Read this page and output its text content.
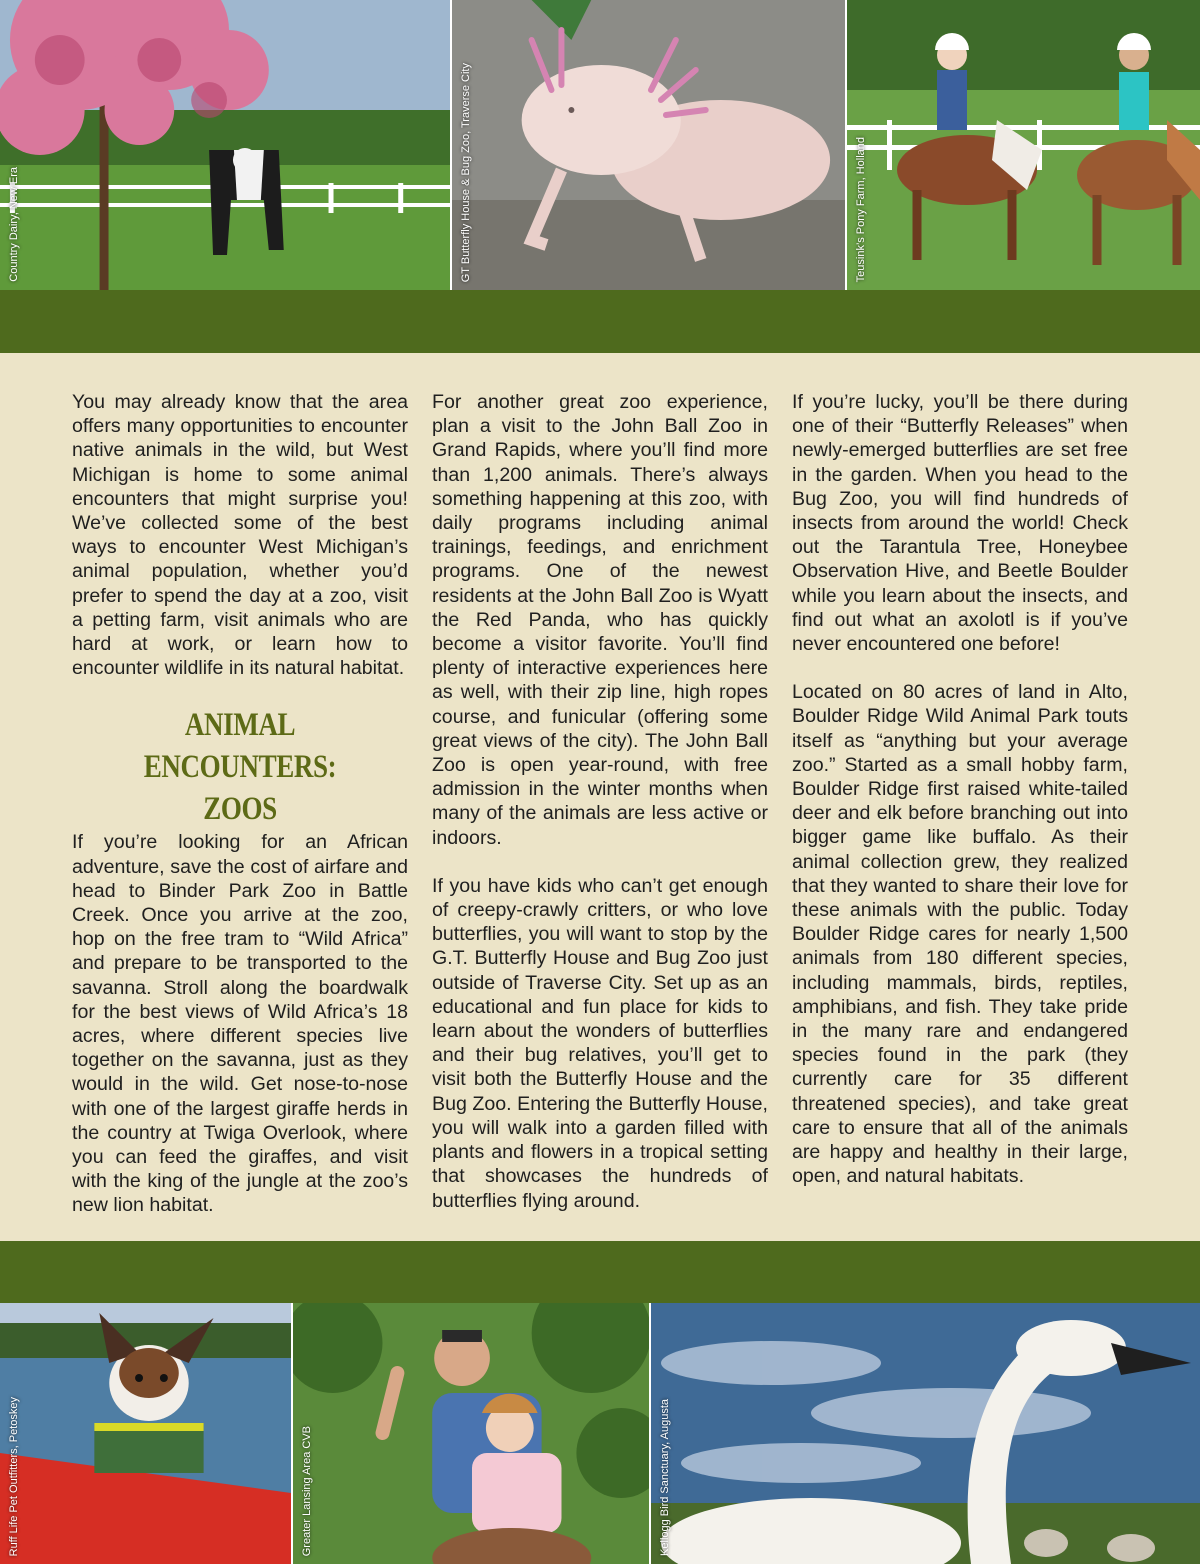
Country Dairy, New Era	GT Butterfly House & Bug Zoo, Traverse City	Teusink’s Pony Farm, Holland

You may already know that the area offers many opportunities to encounter native animals in the wild, but West Michigan is home to some animal encounters that might surprise you! We’ve collected some of the best ways to encounter West Michigan’s animal population, whether you’d prefer to spend the day at a zoo, visit a petting farm, visit animals who are hard at work, or learn how to encounter wildlife in its natural habitat.

ANIMAL ENCOUNTERS:
ZOOS

If you’re looking for an African adventure, save the cost of airfare and head to Binder Park Zoo in Battle Creek. Once you arrive at the zoo, hop on the free tram to “Wild Africa” and prepare to be transported to the savanna. Stroll along the boardwalk for the best views of Wild Africa’s 18 acres, where different species live together on the savanna, just as they would in the wild. Get nose-to-nose with one of the largest giraffe herds in the country at Twiga Overlook, where you can feed the giraffes, and visit with the king of the jungle at the zoo’s new lion habitat.

For another great zoo experience, plan a visit to the John Ball Zoo in Grand Rapids, where you’ll find more than 1,200 animals. There’s always something happening at this zoo, with daily programs including animal trainings, feedings, and enrichment programs. One of the newest residents at the John Ball Zoo is Wyatt the Red Panda, who has quickly become a visitor favorite. You’ll find plenty of interactive experiences here as well, with their zip line, high ropes course, and funicular (offering some great views of the city). The John Ball Zoo is open year-round, with free admission in the winter months when many of the animals are less active or indoors.

If you have kids who can’t get enough of creepy-crawly critters, or who love butterflies, you will want to stop by the G.T. Butterfly House and Bug Zoo just outside of Traverse City. Set up as an educational and fun place for kids to learn about the wonders of butterflies and their bug relatives, you’ll get to visit both the Butterfly House and the Bug Zoo. Entering the Butterfly House, you will walk into a garden filled with plants and flowers in a tropical setting that showcases the hundreds of butterflies flying around.

If you’re lucky, you’ll be there during one of their “Butterfly Releases” when newly-emerged butterflies are set free in the garden. When you head to the Bug Zoo, you will find hundreds of insects from around the world! Check out the Tarantula Tree, Honeybee Observation Hive, and Beetle Boulder while you learn about the insects, and find out what an axolotl is if you’ve never encountered one before!

Located on 80 acres of land in Alto, Boulder Ridge Wild Animal Park touts itself as “anything but your average zoo.” Started as a small hobby farm, Boulder Ridge first raised white-tailed deer and elk before branching out into bigger game like buffalo. As their animal collection grew, they realized that they wanted to share their love for these animals with the public. Today Boulder Ridge cares for nearly 1,500 animals from 180 different species, including mammals, birds, reptiles, amphibians, and fish. They take pride in the many rare and endangered species found in the park (they currently care for 35 different threatened species), and take great care to ensure that all of the animals are happy and healthy in their large, open, and natural habitats.

Ruff Life Pet Outfitters, Petoskey	Greater Lansing Area CVB	Kellogg Bird Sanctuary, Augusta
